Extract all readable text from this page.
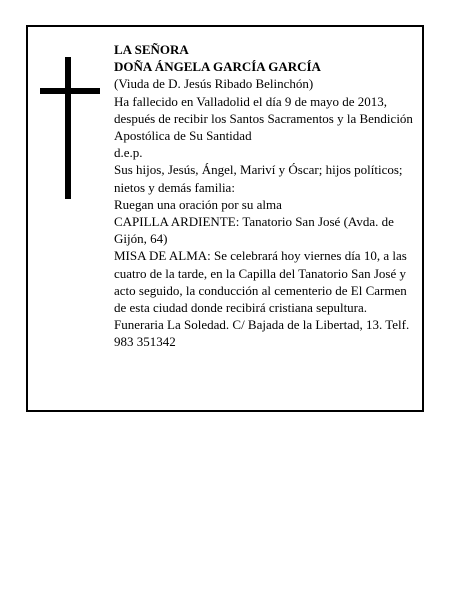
LA SEÑORA

DOÑA ÁNGELA GARCÍA GARCÍA

(Viuda de D. Jesús Ribado Belinchón)

Ha fallecido en Valladolid el día 9 de mayo de 2013, después de recibir los Santos Sacramentos y la Bendición Apostólica de Su Santidad

d.e.p.

Sus hijos, Jesús, Ángel, Mariví y Óscar; hijos políticos; nietos y demás familia:

Ruegan una oración por su alma

CAPILLA ARDIENTE: Tanatorio San José (Avda. de Gijón, 64)

MISA DE ALMA: Se celebrará hoy viernes día 10, a las cuatro de la tarde, en la Capilla del Tanatorio San José y acto seguido, la conducción al cementerio de El Carmen de esta ciudad donde recibirá cristiana sepultura.

Funeraria La Soledad. C/ Bajada de la Libertad, 13. Telf. 983 351342
